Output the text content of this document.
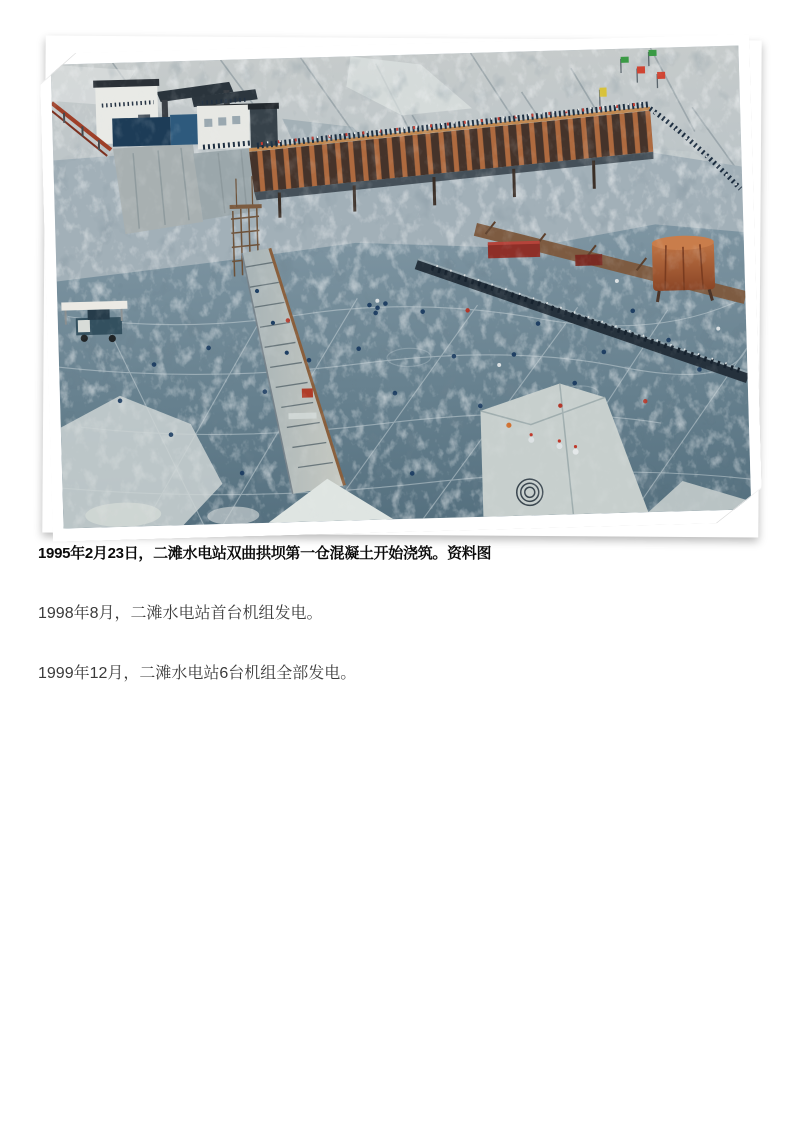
1995年2月23日，二滩水电站双曲拱坝第一仓混凝土开始浇筑。资料图
1998年8月，二滩水电站首台机组发电。
1999年12月，二滩水电站6台机组全部发电。
